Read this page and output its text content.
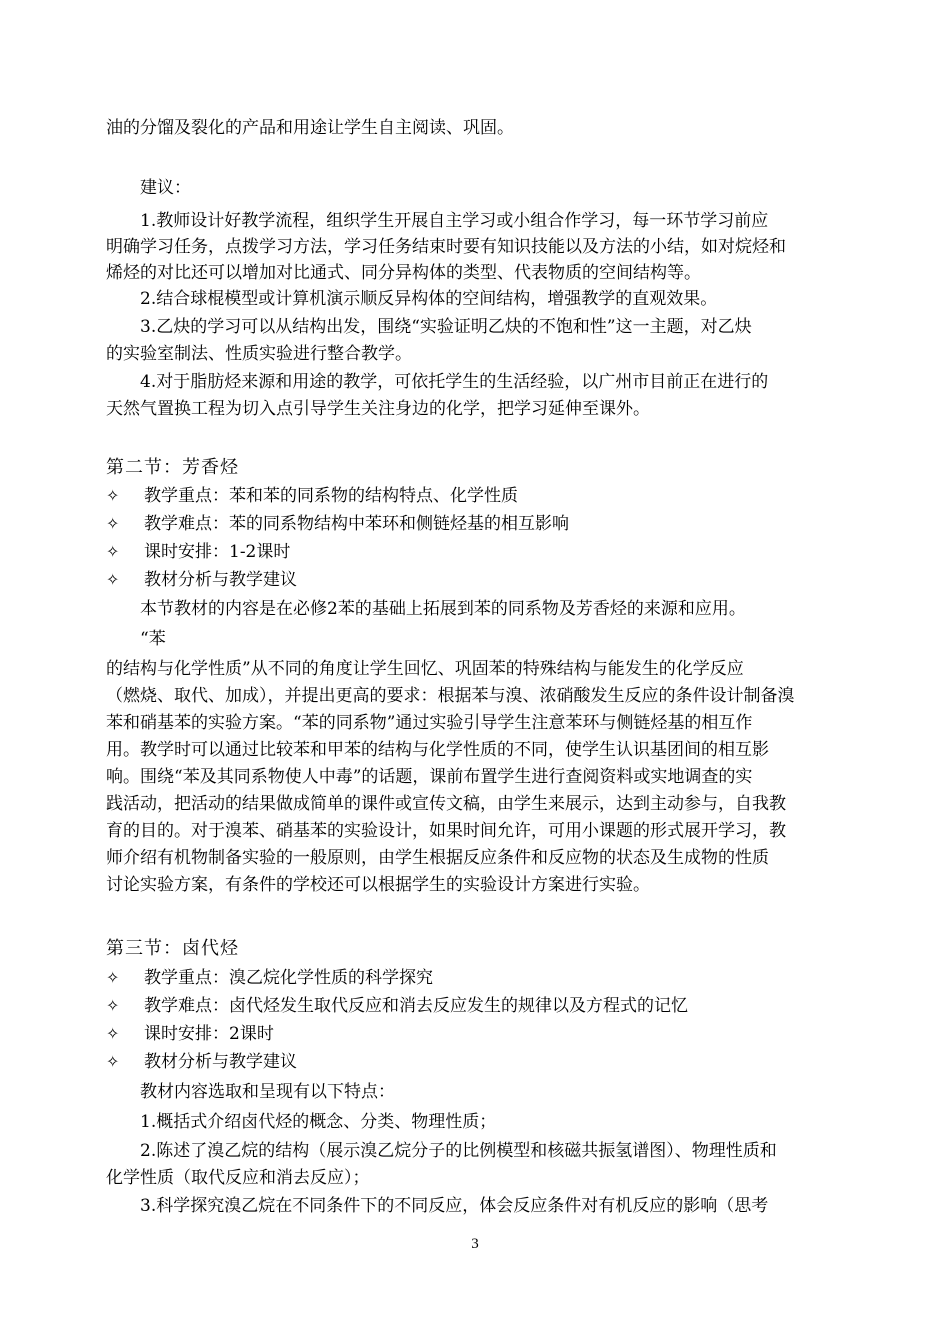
油的分馏及裂化的产品和用途让学生自主阅读、巩固。
建议：
1.教师设计好教学流程，组织学生开展自主学习或小组合作学习，每一环节学习前应
明确学习任务，点拨学习方法，学习任务结束时要有知识技能以及方法的小结，如对烷烃和
烯烃的对比还可以增加对比通式、同分异构体的类型、代表物质的空间结构等。
2.结合球棍模型或计算机演示顺反异构体的空间结构，增强教学的直观效果。
3.乙炔的学习可以从结构出发，围绕“实验证明乙炔的不饱和性”这一主题，对乙炔
的实验室制法、性质实验进行整合教学。
4.对于脂肪烃来源和用途的教学，可依托学生的生活经验，以广州市目前正在进行的
天然气置换工程为切入点引导学生关注身边的化学，把学习延伸至课外。
第二节：芳香烃
✧ 教学重点：苯和苯的同系物的结构特点、化学性质
✧ 教学难点：苯的同系物结构中苯环和侧链烃基的相互影响
✧ 课时安排：1-2课时
✧ 教材分析与教学建议
本节教材的内容是在必修2苯的基础上拓展到苯的同系物及芳香烃的来源和应用。
“苯
的结构与化学性质”从不同的角度让学生回忆、巩固苯的特殊结构与能发生的化学反应
（燃烧、取代、加成），并提出更高的要求：根据苯与溴、浓硝酸发生反应的条件设计制备溴
苯和硝基苯的实验方案。“苯的同系物”通过实验引导学生注意苯环与侧链烃基的相互作
用。教学时可以通过比较苯和甲苯的结构与化学性质的不同，使学生认识基团间的相互影
响。围绕“苯及其同系物使人中毒”的话题，课前布置学生进行查阅资料或实地调查的实
践活动，把活动的结果做成简单的课件或宣传文稿，由学生来展示，达到主动参与，自我教
育的目的。对于溴苯、硝基苯的实验设计，如果时间允许，可用小课题的形式展开学习，教
师介绍有机物制备实验的一般原则，由学生根据反应条件和反应物的状态及生成物的性质
讨论实验方案，有条件的学校还可以根据学生的实验设计方案进行实验。
第三节：卤代烃
✧ 教学重点：溴乙烷化学性质的科学探究
✧ 教学难点：卤代烃发生取代反应和消去反应发生的规律以及方程式的记忆
✧ 课时安排：2课时
✧ 教材分析与教学建议
教材内容选取和呈现有以下特点：
1.概括式介绍卤代烃的概念、分类、物理性质；
2.陈述了溴乙烷的结构（展示溴乙烷分子的比例模型和核磁共振氢谱图）、物理性质和
化学性质（取代反应和消去反应）；
3.科学探究溴乙烷在不同条件下的不同反应，体会反应条件对有机反应的影响（思考
3
